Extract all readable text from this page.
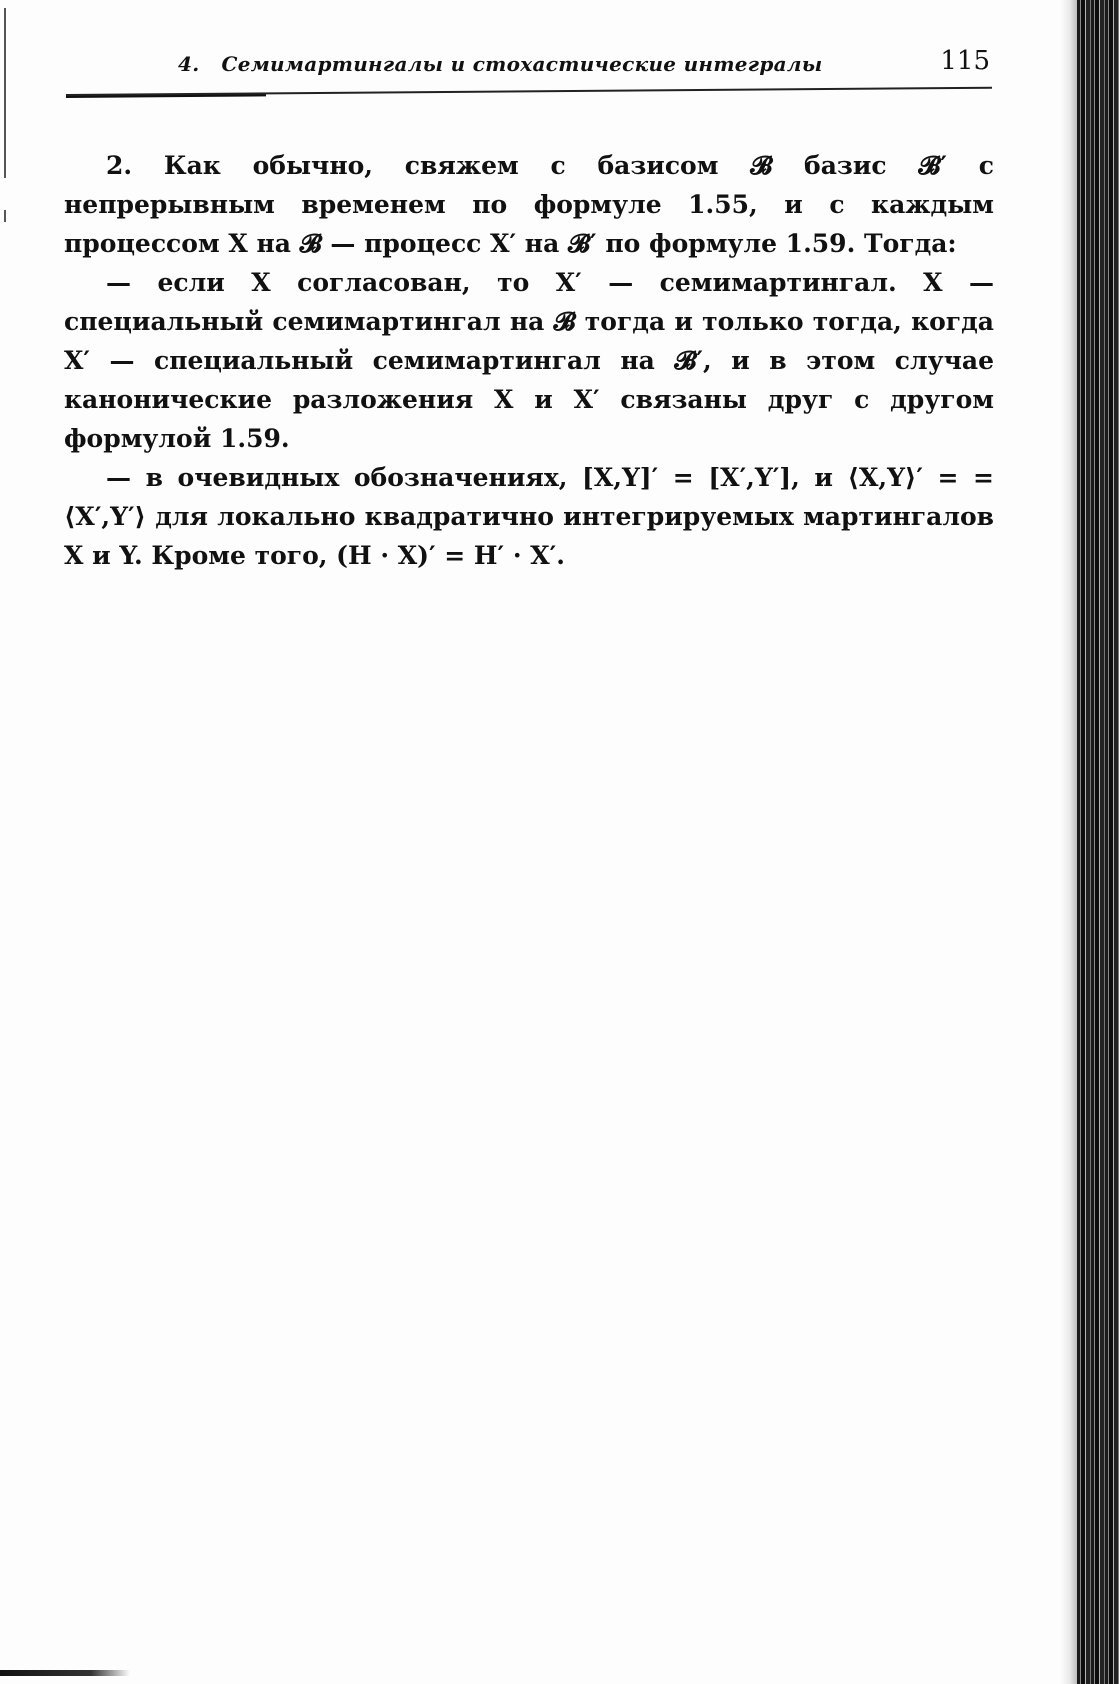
4. Семимартингалы и стохастические интегралы	115

2. Как обычно, свяжем с базисом 𝓑 базис 𝓑′ с непрерывным временем по формуле 1.55, и с каждым процессом X на 𝓑 — процесс X′ на 𝓑′ по формуле 1.59. Тогда:

— если X согласован, то X′ — семимартингал. X — специальный семимартингал на 𝓑 тогда и только тогда, когда X′ — специальный семимартингал на 𝓑′, и в этом случае канонические разложения X и X′ связаны друг с другом формулой 1.59.

— в очевидных обозначениях, [X,Y]′ = [X′,Y′], и ⟨X,Y⟩′ = = ⟨X′,Y′⟩ для локально квадратично интегрируемых мартингалов X и Y. Кроме того, (H · X)′ = H′ · X′.
